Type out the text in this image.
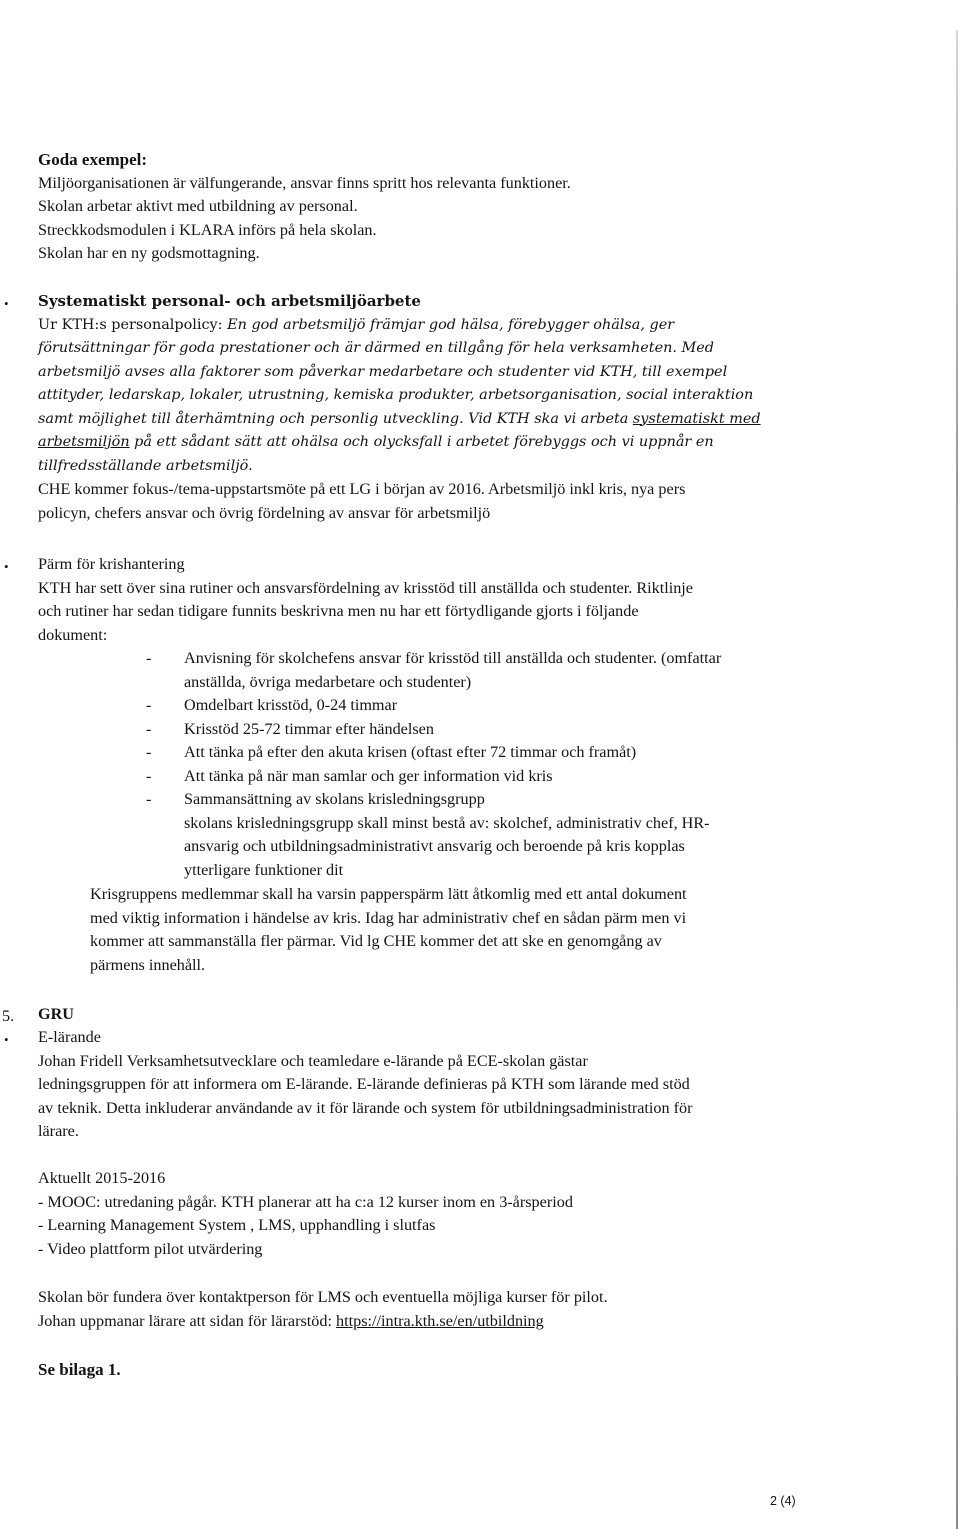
Goda exempel:
Miljöorganisationen är välfungerande, ansvar finns spritt hos relevanta funktioner.
Skolan arbetar aktivt med utbildning av personal.
Streckkodsmodulen i KLARA införs på hela skolan.
Skolan har en ny godsmottagning.
• Systematiskt personal- och arbetsmiljöarbete
Ur KTH:s personalpolicy: En god arbetsmiljö främjar god hälsa, förebygger ohälsa, ger
förutsättningar för goda prestationer och är därmed en tillgång för hela verksamheten. Med
arbetsmiljö avses alla faktorer som påverkar medarbetare och studenter vid KTH, till exempel
attityder, ledarskap, lokaler, utrustning, kemiska produkter, arbetsorganisation, social interaktion
samt möjlighet till återhämtning och personlig utveckling. Vid KTH ska vi arbeta systematiskt med
arbetsmiljön på ett sådant sätt att ohälsa och olycksfall i arbetet förebyggs och vi uppnår en
tillfredsställande arbetsmiljö.
CHE kommer fokus-/tema-uppstartsmöte på ett LG i början av 2016. Arbetsmiljö inkl kris, nya pers
policyn, chefers ansvar och övrig fördelning av ansvar för arbetsmiljö
• Pärm för krishantering
KTH har sett över sina rutiner och ansvarsfördelning av krisstöd till anställda och studenter. Riktlinje
och rutiner har sedan tidigare funnits beskrivna men nu har ett förtydligande gjorts i följande
dokument:
- Anvisning för skolchefens ansvar för krisstöd till anställda och studenter. (omfattar
anställda, övriga medarbetare och studenter)
- Omdelbart krisstöd, 0-24 timmar
- Krisstöd 25-72 timmar efter händelsen
- Att tänka på efter den akuta krisen (oftast efter 72 timmar och framåt)
- Att tänka på när man samlar och ger information vid kris
- Sammansättning av skolans krisledningsgrupp
skolans krisledningsgrupp skall minst bestå av: skolchef, administrativ chef, HR-
ansvarig och utbildningsadministrativt ansvarig och beroende på kris kopplas
ytterligare funktioner dit
Krisgruppens medlemmar skall ha varsin papperspärm lätt åtkomlig med ett antal dokument
med viktig information i händelse av kris. Idag har administrativ chef en sådan pärm men vi
kommer att sammanställa fler pärmar. Vid lg CHE kommer det att ske en genomgång av
pärmens innehåll.
5. GRU
• E-lärande
Johan Fridell Verksamhetsutvecklare och teamledare e-lärande på ECE-skolan gästar
ledningsgruppen för att informera om E-lärande. E-lärande definieras på KTH som lärande med stöd
av teknik. Detta inkluderar användande av it för lärande och system för utbildningsadministration för
lärare.
Aktuellt 2015-2016
- MOOC: utredaning pågår. KTH planerar att ha c:a 12 kurser inom en 3-årsperiod
- Learning Management System , LMS, upphandling i slutfas
- Video plattform pilot utvärdering
Skolan bör fundera över kontaktperson för LMS och eventuella möjliga kurser för pilot.
Johan uppmanar lärare att sidan för lärarstöd: https://intra.kth.se/en/utbildning
Se bilaga 1.
2 (4)
